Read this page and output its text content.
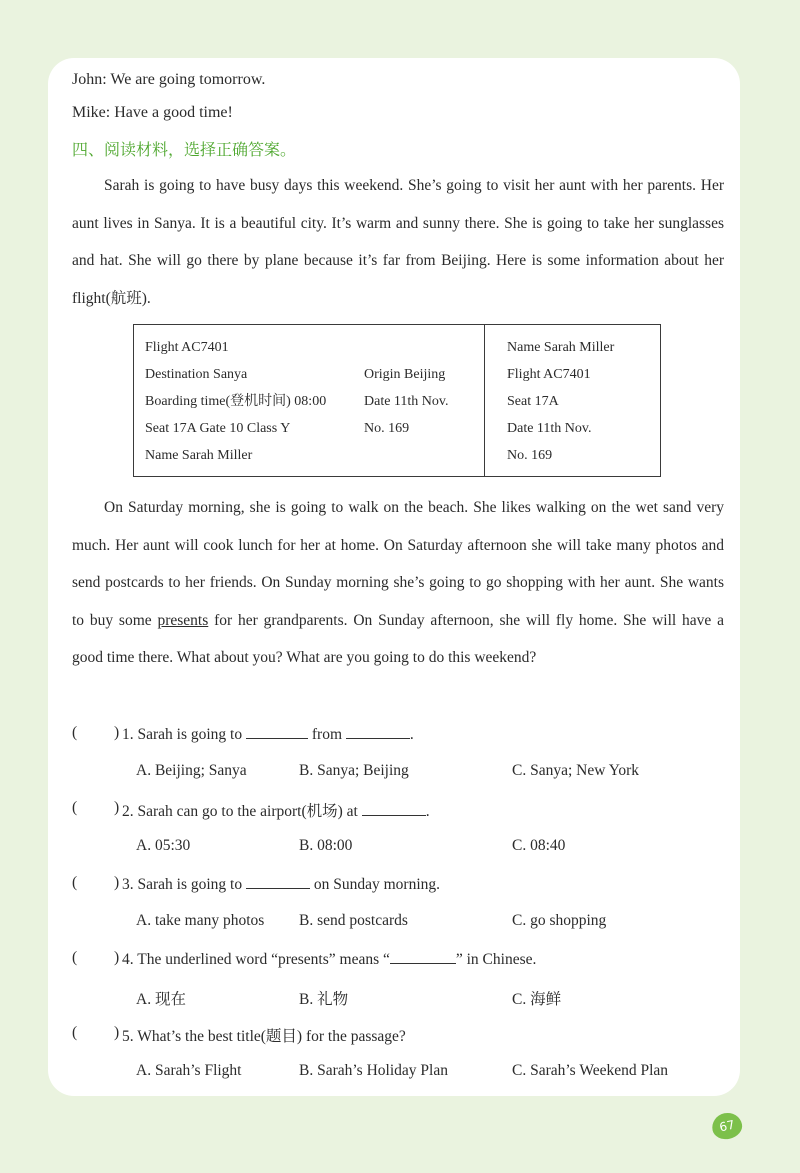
John: We are going tomorrow.
Mike: Have a good time!
四、阅读材料，选择正确答案。
Sarah is going to have busy days this weekend. She’s going to visit her aunt with her parents. Her aunt lives in Sanya. It is a beautiful city. It’s warm and sunny there. She is going to take her sunglasses and hat. She will go there by plane because it’s far from Beijing. Here is some information about her flight(航班).
Flight AC7401
Destination Sanya	Origin Beijing
Boarding time(登机时间) 08:00	Date 11th Nov.
Seat 17A Gate 10 Class Y	No. 169
Name Sarah Miller
Name Sarah Miller
Flight AC7401
Seat 17A
Date 11th Nov.
No. 169
On Saturday morning, she is going to walk on the beach. She likes walking on the wet sand very much. Her aunt will cook lunch for her at home. On Saturday afternoon she will take many photos and send postcards to her friends. On Sunday morning she’s going to go shopping with her aunt. She wants to buy some presents for her grandparents. On Sunday afternoon, she will fly home. She will have a good time there. What about you? What are you going to do this weekend?
( ) 1. Sarah is going to	from	.
A. Beijing; Sanya	B. Sanya; Beijing	C. Sanya; New York
( ) 2. Sarah can go to the airport(机场) at	.
A. 05:30	B. 08:00	C. 08:40
( ) 3. Sarah is going to	on Sunday morning.
A. take many photos B. send postcards	C. go shopping
( ) 4. The underlined word “presents” means “	” in Chinese.
A. 现在	B. 礼物	C. 海鲜
( ) 5. What’s the best title(题目) for the passage?
A. Sarah’s Flight	B. Sarah’s Holiday Plan	C. Sarah’s Weekend Plan
67
